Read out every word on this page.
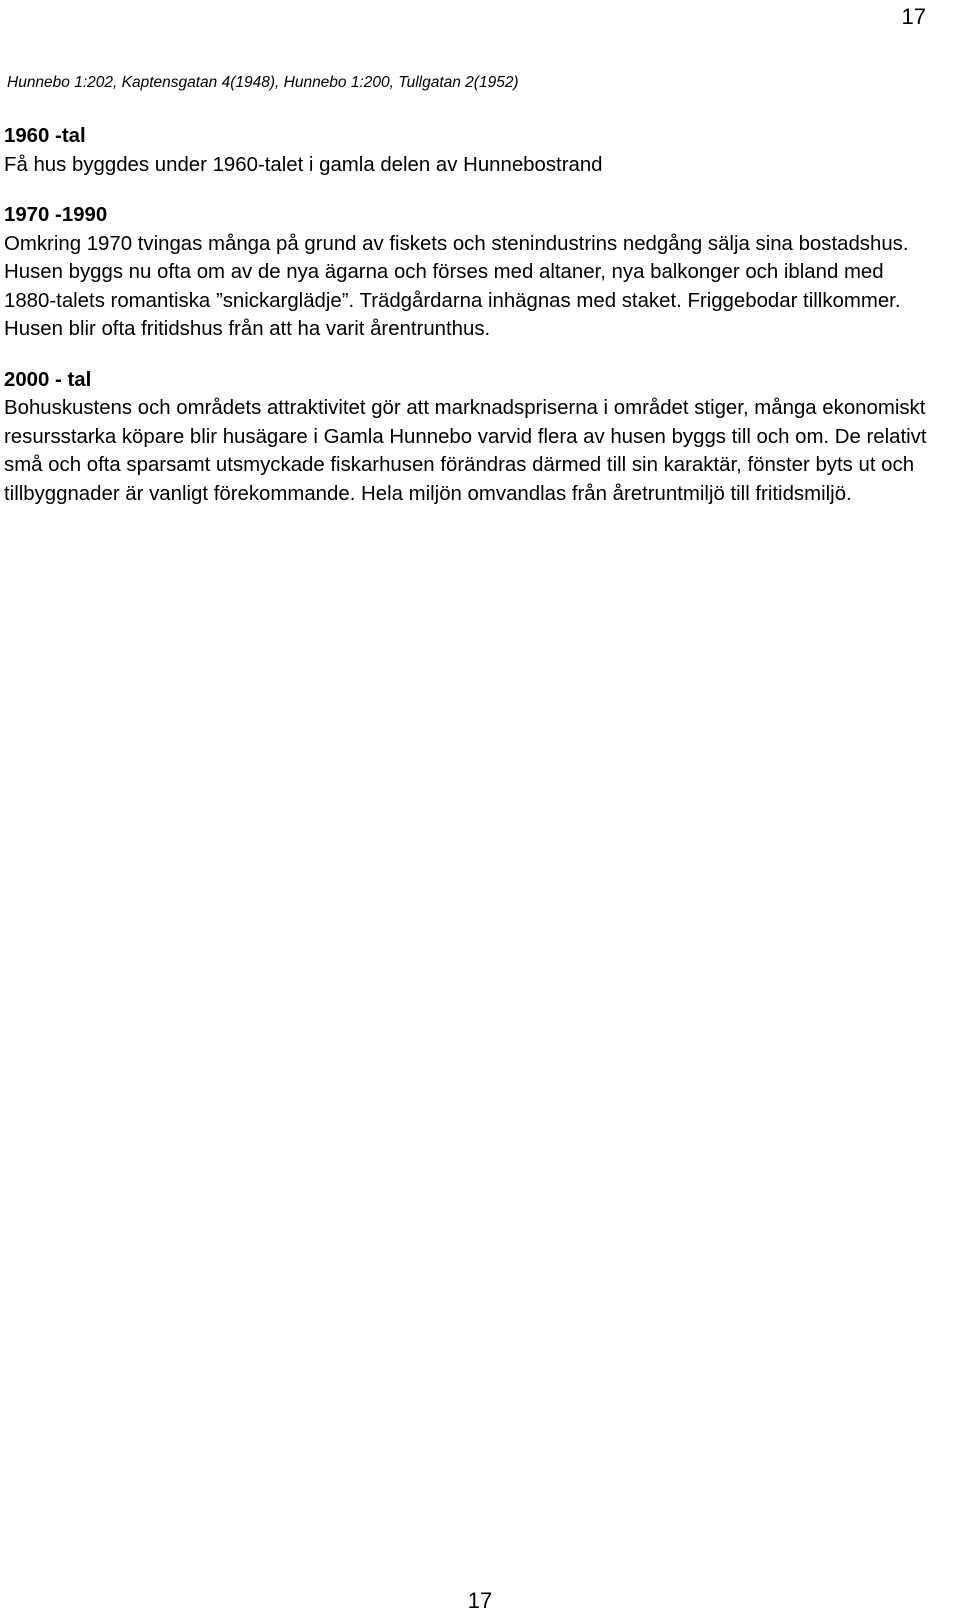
17
Hunnebo 1:202, Kaptensgatan 4(1948), Hunnebo 1:200, Tullgatan 2(1952)
1960 -tal
Få hus byggdes under 1960-talet i gamla delen av Hunnebostrand
1970 -1990
Omkring 1970 tvingas många på grund av fiskets och stenindustrins nedgång sälja sina bostadshus. Husen byggs nu ofta om av de nya ägarna och förses med altaner, nya balkonger och ibland med 1880-talets romantiska ”snickarglädje”. Trädgårdarna inhägnas med staket. Friggebodar tillkommer. Husen blir ofta fritidshus från att ha varit årentrunthus.
2000 - tal
Bohuskustens och områdets attraktivitet gör att marknadspriserna i området stiger, många ekonomiskt resursstarka köpare blir husägare i Gamla Hunnebo varvid flera av husen byggs till och om. De relativt små och ofta sparsamt utsmyckade fiskarhusen förändras därmed till sin karaktär, fönster byts ut och tillbyggnader är vanligt förekommande. Hela miljön omvandlas från åretruntmiljö till fritidsmiljö.
17
